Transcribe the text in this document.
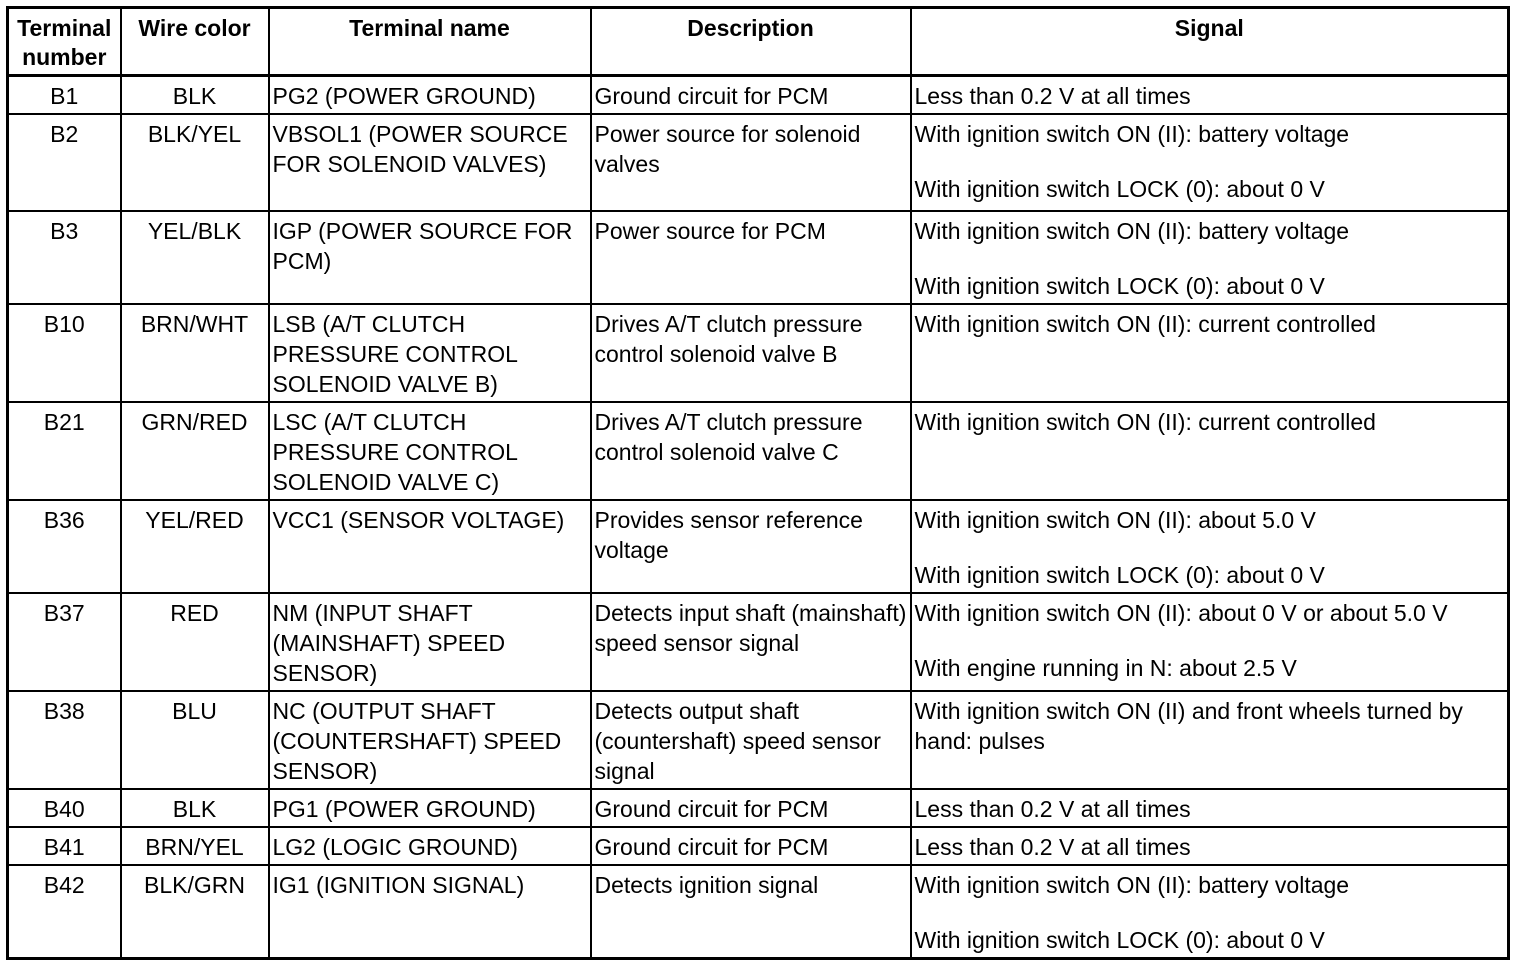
Terminal
number	Wire color	Terminal name	Description	Signal
B1	BLK	PG2 (POWER GROUND)	Ground circuit for PCM	Less than 0.2 V at all times

B2	BLK/YEL	VBSOL1 (POWER SOURCE FOR SOLENOID VALVES)	Power source for solenoid valves	With ignition switch ON (II): battery voltage
With ignition switch LOCK (0): about 0 V

B3	YEL/BLK	IGP (POWER SOURCE FOR PCM)	Power source for PCM	With ignition switch ON (II): battery voltage
With ignition switch LOCK (0): about 0 V

B10	BRN/WHT	LSB (A/T CLUTCH PRESSURE CONTROL SOLENOID VALVE B)	Drives A/T clutch pressure control solenoid valve B	With ignition switch ON (II): current controlled

B21	GRN/RED	LSC (A/T CLUTCH PRESSURE CONTROL SOLENOID VALVE C)	Drives A/T clutch pressure control solenoid valve C	With ignition switch ON (II): current controlled

B36	YEL/RED	VCC1 (SENSOR VOLTAGE)	Provides sensor reference voltage	With ignition switch ON (II): about 5.0 V
With ignition switch LOCK (0): about 0 V

B37	RED	NM (INPUT SHAFT (MAINSHAFT) SPEED SENSOR)	Detects input shaft (mainshaft) speed sensor signal	With ignition switch ON (II): about 0 V or about 5.0 V
With engine running in N: about 2.5 V

B38	BLU	NC (OUTPUT SHAFT (COUNTERSHAFT) SPEED SENSOR)	Detects output shaft (countershaft) speed sensor signal	With ignition switch ON (II) and front wheels turned by hand: pulses

B40	BLK	PG1 (POWER GROUND)	Ground circuit for PCM	Less than 0.2 V at all times

B41	BRN/YEL	LG2 (LOGIC GROUND)	Ground circuit for PCM	Less than 0.2 V at all times

B42	BLK/GRN	IG1 (IGNITION SIGNAL)	Detects ignition signal	With ignition switch ON (II): battery voltage
With ignition switch LOCK (0): about 0 V
